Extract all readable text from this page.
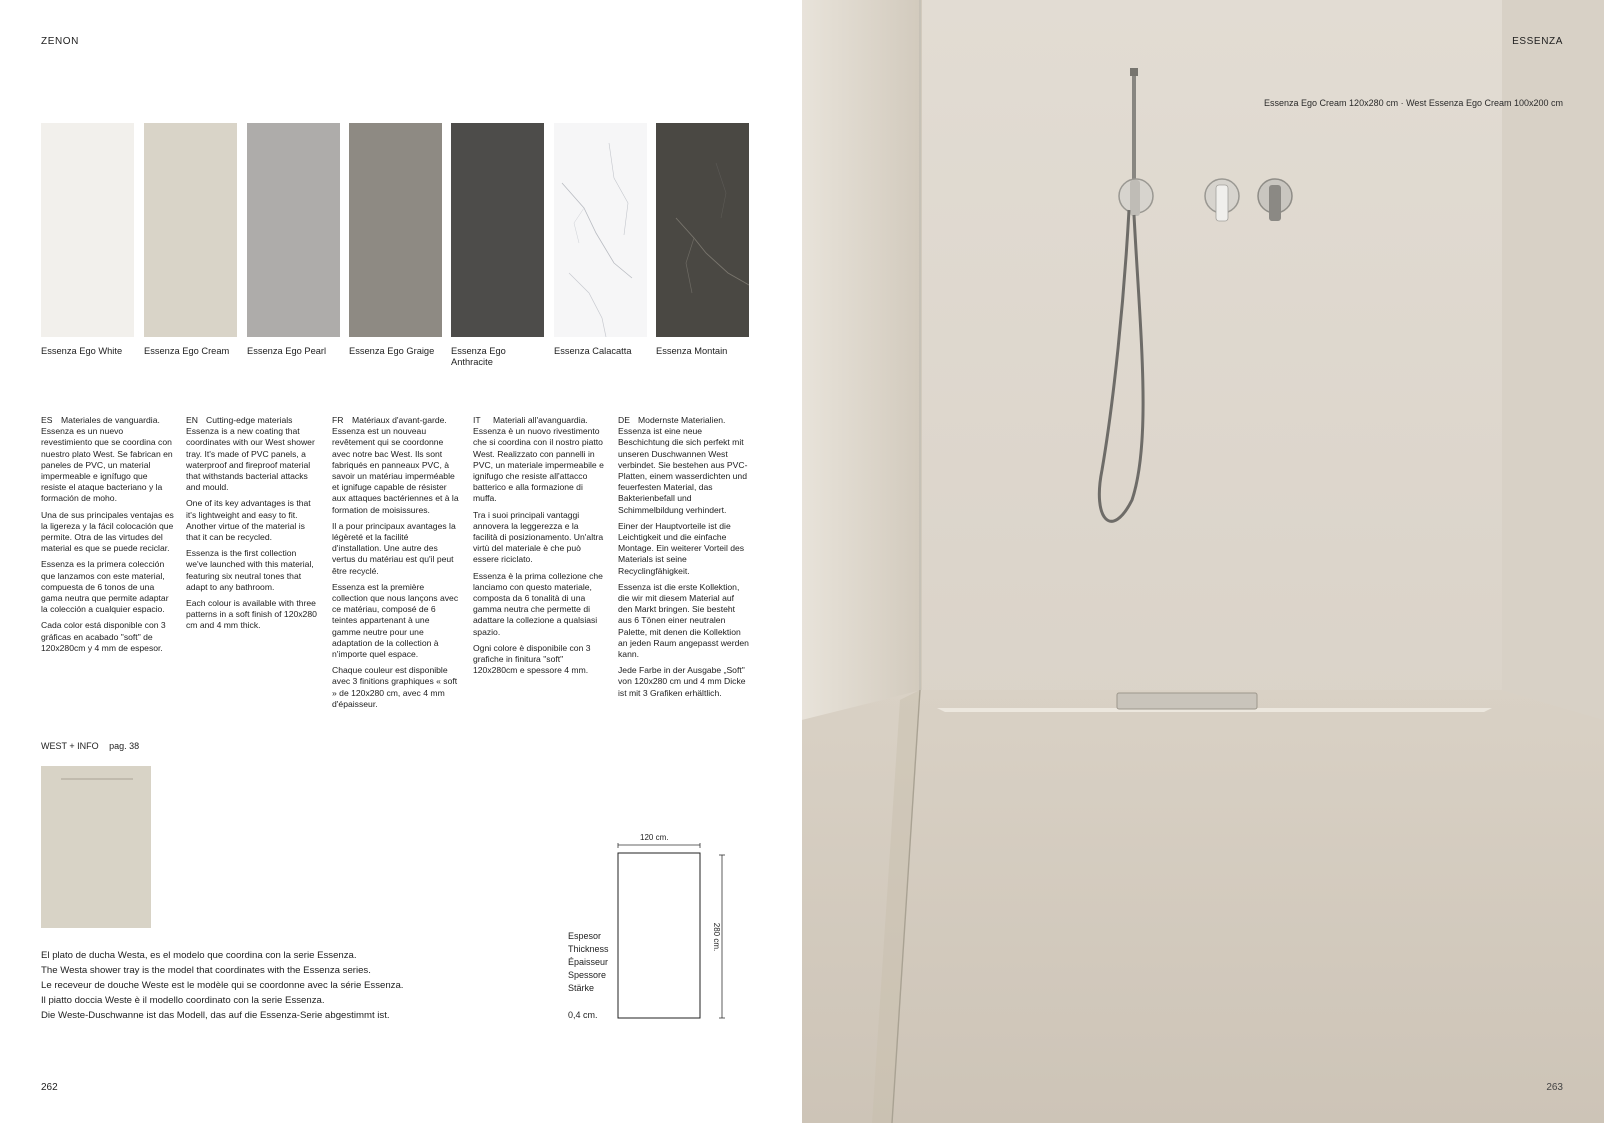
ZENON
Essenza Ego White	Essenza Ego Cream	Essenza Ego Pearl	Essenza Ego Graige	Essenza Ego Anthracite
Essenza Calacatta	Essenza Montain

ES Materiales de vanguardia. Essenza es un nuevo revestimiento que se coordina con nuestro plato West. Se fabrican en paneles de PVC, un material impermeable e ignífugo que resiste el ataque bacteriano y la formación de moho.

Una de sus principales ventajas es la ligereza y la fácil colocación que permite. Otra de las virtudes del material es que se puede reciclar.

Essenza es la primera colección que lanzamos con este material, compuesta de 6 tonos de una gama neutra que permite adaptar la colección a cualquier espacio.

Cada color está disponible con 3 gráficas en acabado "soft" de 120x280cm y 4 mm de espesor.

EN Cutting-edge materials Essenza is a new coating that coordinates with our West shower tray. It's made of PVC panels, a waterproof and fireproof material that withstands bacterial attacks and mould.

One of its key advantages is that it's lightweight and easy to fit. Another virtue of the material is that it can be recycled.

Essenza is the first collection we've launched with this material, featuring six neutral tones that adapt to any bathroom.

Each colour is available with three patterns in a soft finish of 120x280 cm and 4 mm thick.

FR Matériaux d'avant-garde. Essenza est un nouveau revêtement qui se coordonne avec notre bac West. Ils sont fabriqués en panneaux PVC, à savoir un matériau imperméable et ignifuge capable de résister aux attaques bactériennes et à la formation de moisissures.

Il a pour principaux avantages la légèreté et la facilité d'installation. Une autre des vertus du matériau est qu'il peut être recyclé.

Essenza est la première collection que nous lançons avec ce matériau, composé de 6 teintes appartenant à une gamme neutre pour une adaptation de la collection à n'importe quel espace.

Chaque couleur est disponible avec 3 finitions graphiques « soft » de 120x280 cm, avec 4 mm d'épaisseur.

IT Materiali all'avanguardia. Essenza è un nuovo rivestimento che si coordina con il nostro piatto West. Realizzato con pannelli in PVC, un materiale impermeabile e ignifugo che resiste all'attacco batterico e alla formazione di muffa.

Tra i suoi principali vantaggi annovera la leggerezza e la facilità di posizionamento. Un'altra virtù del materiale è che può essere riciclato.

Essenza è la prima collezione che lanciamo con questo materiale, composta da 6 tonalità di una gamma neutra che permette di adattare la collezione a qualsiasi spazio.

Ogni colore è disponibile con 3 grafiche in finitura "soft" 120x280cm e spessore 4 mm.

DE Modernste Materialien. Essenza ist eine neue Beschichtung die sich perfekt mit unseren Duschwannen West verbindet. Sie bestehen aus PVC-Platten, einem wasserdichten und feuerfesten Material, das Bakterienbefall und Schimmelbildung verhindert.

Einer der Hauptvorteile ist die Leichtigkeit und die einfache Montage. Ein weiterer Vorteil des Materials ist seine Recyclingfähigkeit.

Essenza ist die erste Kollektion, die wir mit diesem Material auf den Markt bringen. Sie besteht aus 6 Tönen einer neutralen Palette, mit denen die Kollektion an jeden Raum angepasst werden kann.

Jede Farbe in der Ausgabe „Soft" von 120x280 cm und 4 mm Dicke ist mit 3 Grafiken erhältlich.

WEST + INFO pag. 38
El plato de ducha Westa, es el modelo que coordina con la serie Essenza.
The Westa shower tray is the model that coordinates with the Essenza series.
Le receveur de douche Weste est le modèle qui se coordonne avec la série Essenza.
Il piatto doccia Weste è il modello coordinato con la serie Essenza.
Die Weste-Duschwanne ist das Modell, das auf die Essenza-Serie abgestimmt ist.
120 cm.
280 cm.
Espesor
Thickness
Épaisseur
Spessore
Stärke
0,4 cm.
262
Essenza Ego Cream 120x280 cm · West Essenza Ego Cream 100x200 cm
ESSENZA
263
